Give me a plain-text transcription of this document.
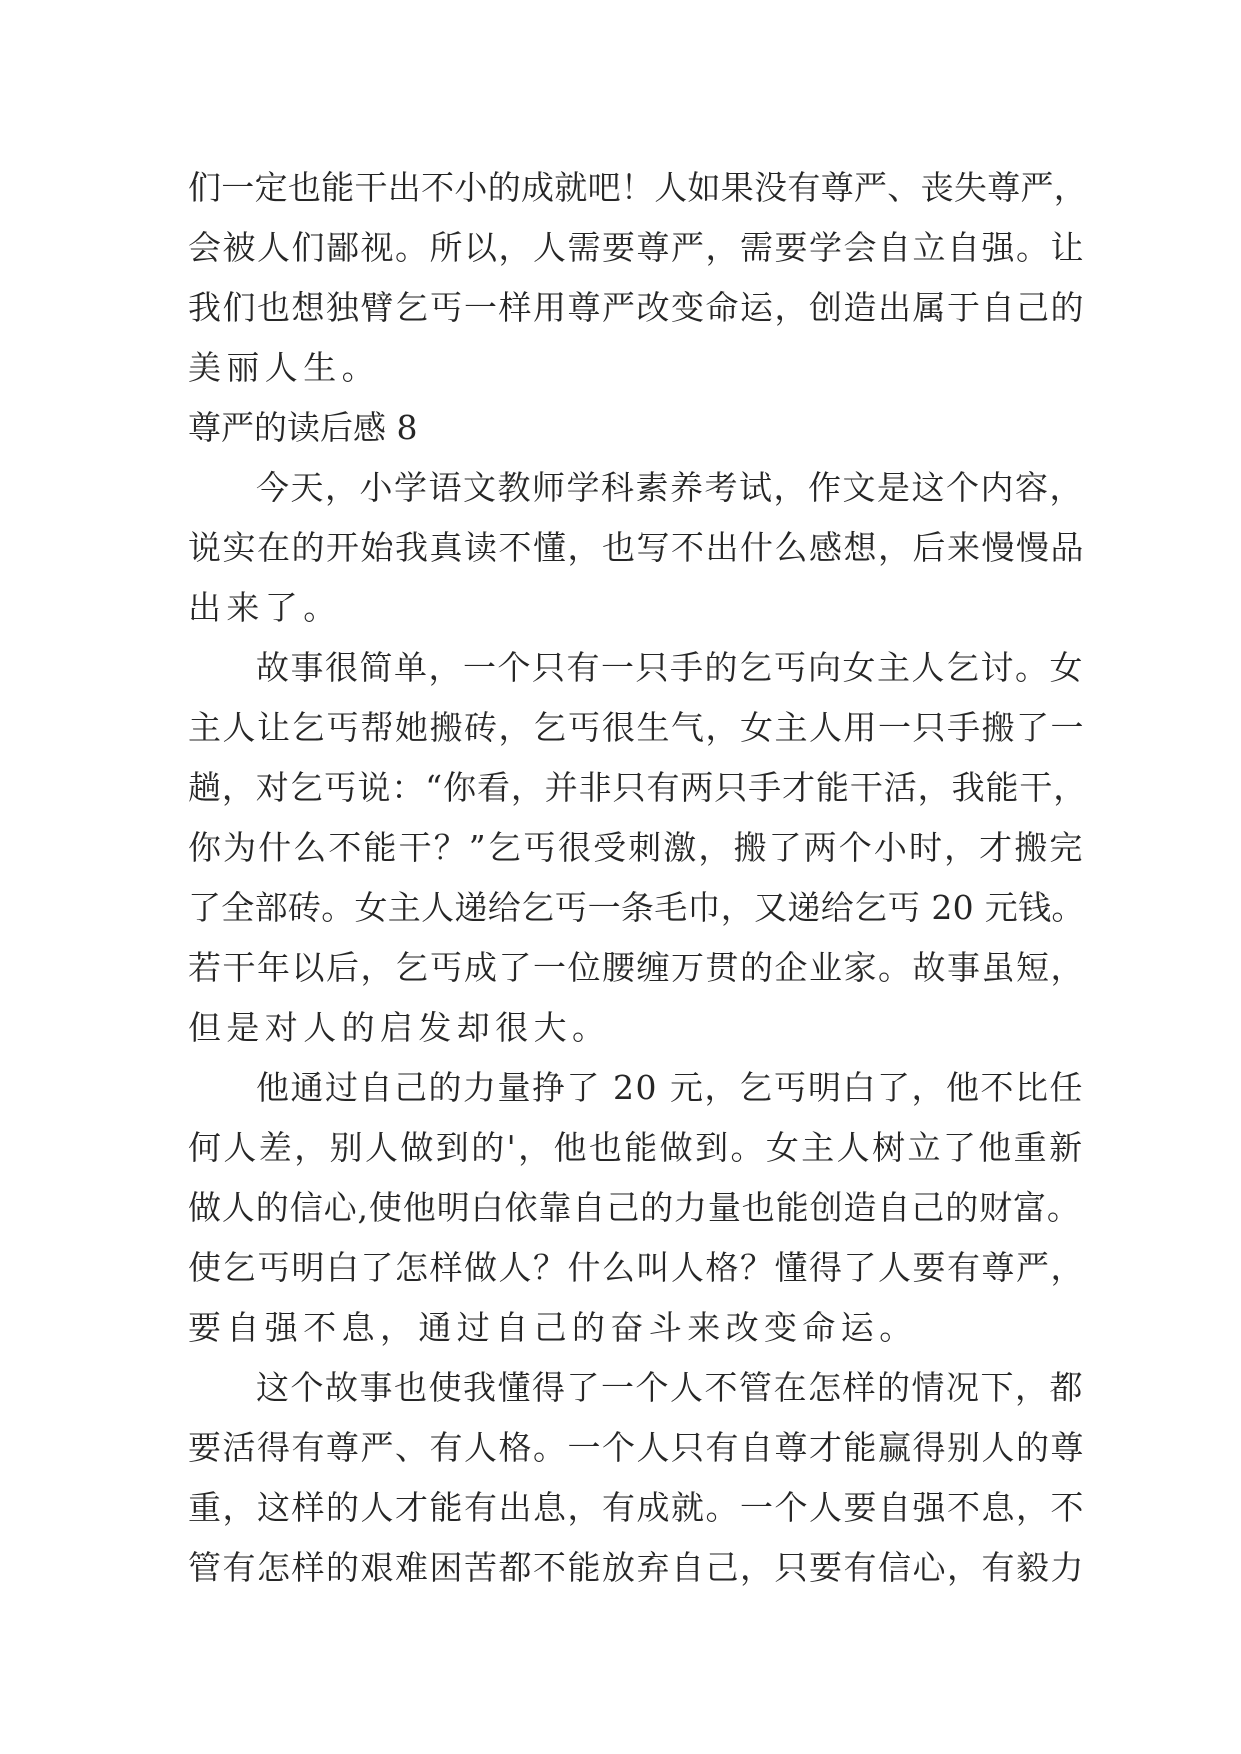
们一定也能干出不小的成就吧！人如果没有尊严、丧失尊严，
会被人们鄙视。所以，人需要尊严，需要学会自立自强。让
我们也想独臂乞丐一样用尊严改变命运，创造出属于自己的
美丽人生。
尊严的读后感 8
今天，小学语文教师学科素养考试，作文是这个内容，
说实在的开始我真读不懂，也写不出什么感想，后来慢慢品
出来了。
故事很简单，一个只有一只手的乞丐向女主人乞讨。女
主人让乞丐帮她搬砖，乞丐很生气，女主人用一只手搬了一
趟，对乞丐说：“你看，并非只有两只手才能干活，我能干，
你为什么不能干？”乞丐很受刺激，搬了两个小时，才搬完
了全部砖。女主人递给乞丐一条毛巾，又递给乞丐 20 元钱。
若干年以后，乞丐成了一位腰缠万贯的企业家。故事虽短，
但是对人的启发却很大。
他通过自己的力量挣了 20 元，乞丐明白了，他不比任
何人差，别人做到的'，他也能做到。女主人树立了他重新
做人的信心,使他明白依靠自己的力量也能创造自己的财富。
使乞丐明白了怎样做人？什么叫人格？懂得了人要有尊严，
要自强不息，通过自己的奋斗来改变命运。
这个故事也使我懂得了一个人不管在怎样的情况下，都
要活得有尊严、有人格。一个人只有自尊才能赢得别人的尊
重，这样的人才能有出息，有成就。一个人要自强不息，不
管有怎样的艰难困苦都不能放弃自己，只要有信心，有毅力
